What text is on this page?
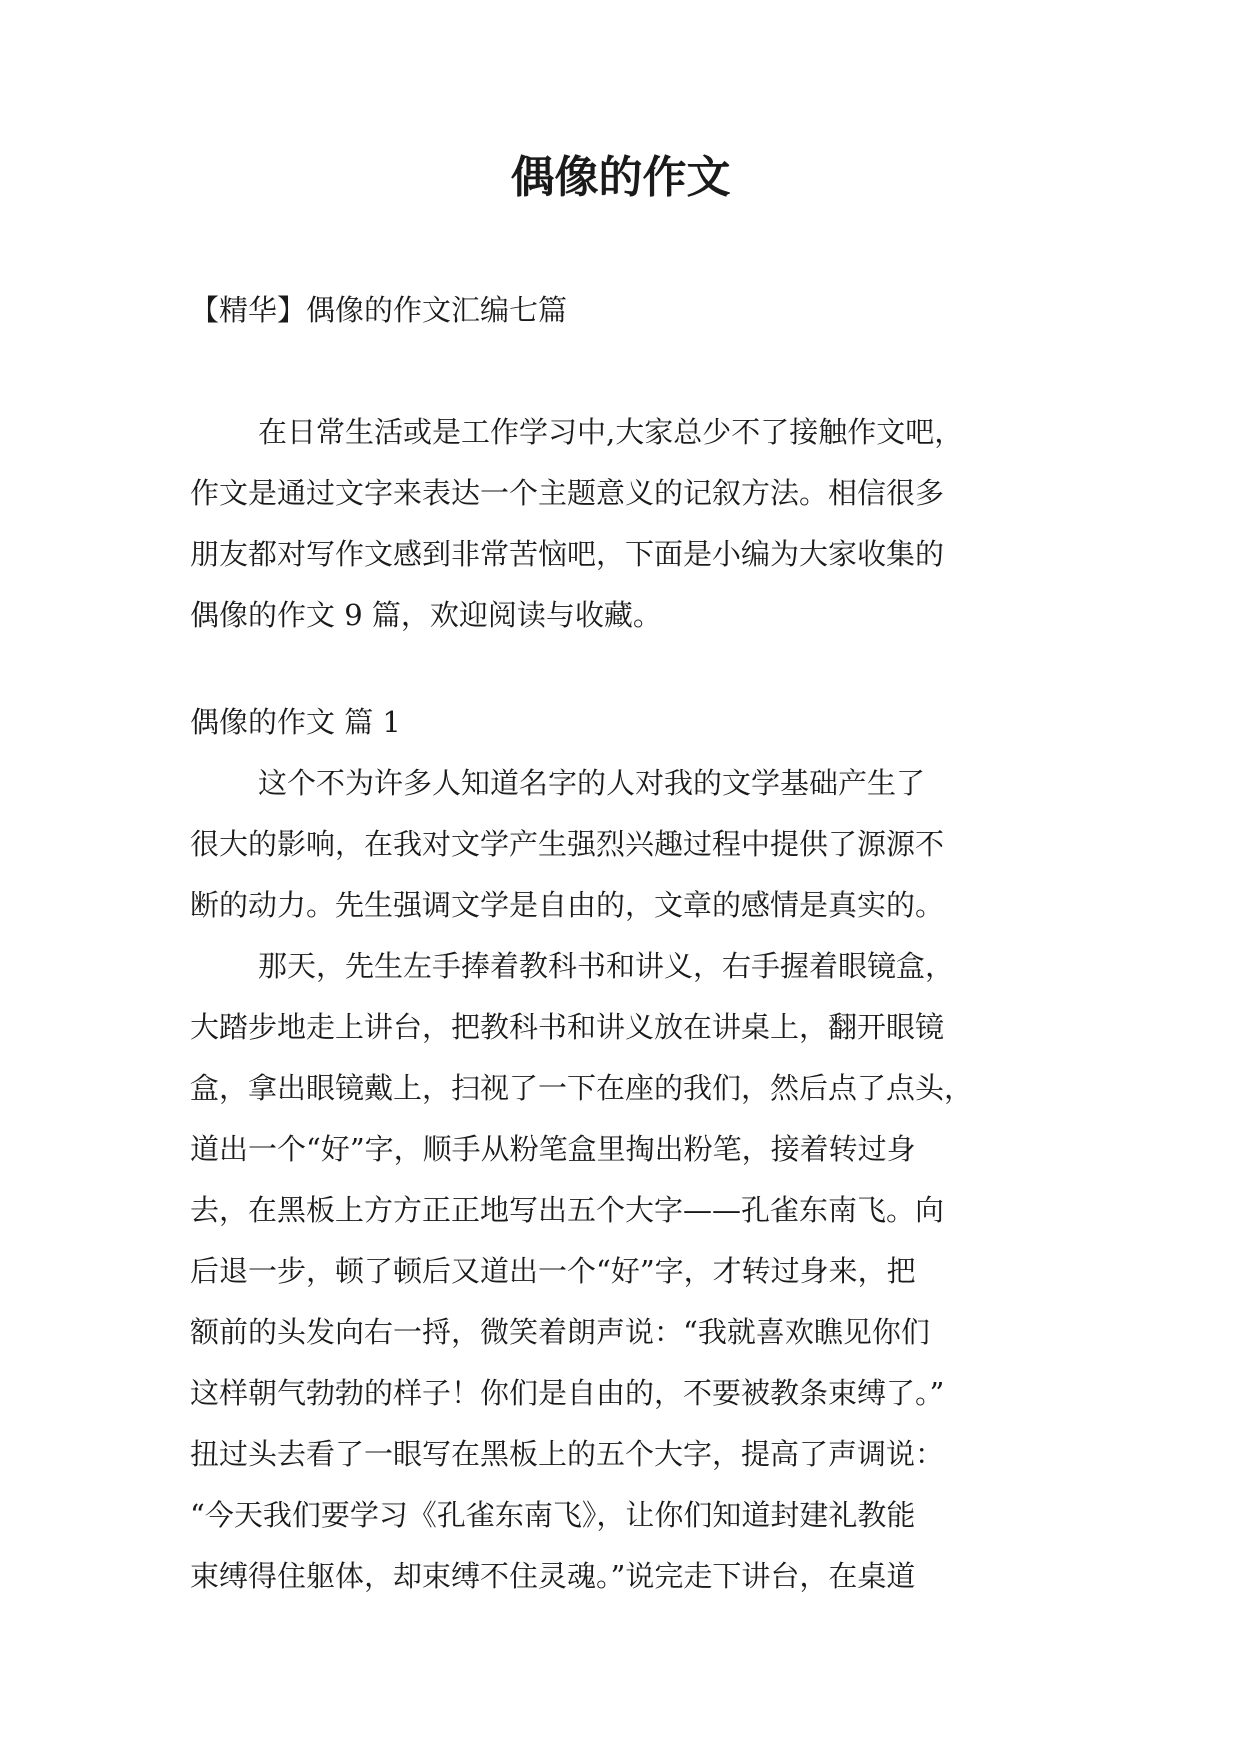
偶像的作文

【精华】偶像的作文汇编七篇

在日常生活或是工作学习中,大家总少不了接触作文吧，
作文是通过文字来表达一个主题意义的记叙方法。相信很多
朋友都对写作文感到非常苦恼吧，下面是小编为大家收集的
偶像的作文 9 篇，欢迎阅读与收藏。

偶像的作文 篇 1

这个不为许多人知道名字的人对我的文学基础产生了
很大的影响，在我对文学产生强烈兴趣过程中提供了源源不
断的动力。先生强调文学是自由的，文章的感情是真实的。
那天，先生左手捧着教科书和讲义，右手握着眼镜盒，
大踏步地走上讲台，把教科书和讲义放在讲桌上，翻开眼镜
盒，拿出眼镜戴上，扫视了一下在座的我们，然后点了点头，
道出一个“好”字，顺手从粉笔盒里掏出粉笔，接着转过身
去，在黑板上方方正正地写出五个大字——孔雀东南飞。向
后退一步，顿了顿后又道出一个“好”字，才转过身来，把
额前的头发向右一捋，微笑着朗声说：“我就喜欢瞧见你们
这样朝气勃勃的样子！你们是自由的，不要被教条束缚了。”
扭过头去看了一眼写在黑板上的五个大字，提高了声调说：
“今天我们要学习《孔雀东南飞》，让你们知道封建礼教能
束缚得住躯体，却束缚不住灵魂。”说完走下讲台，在桌道
